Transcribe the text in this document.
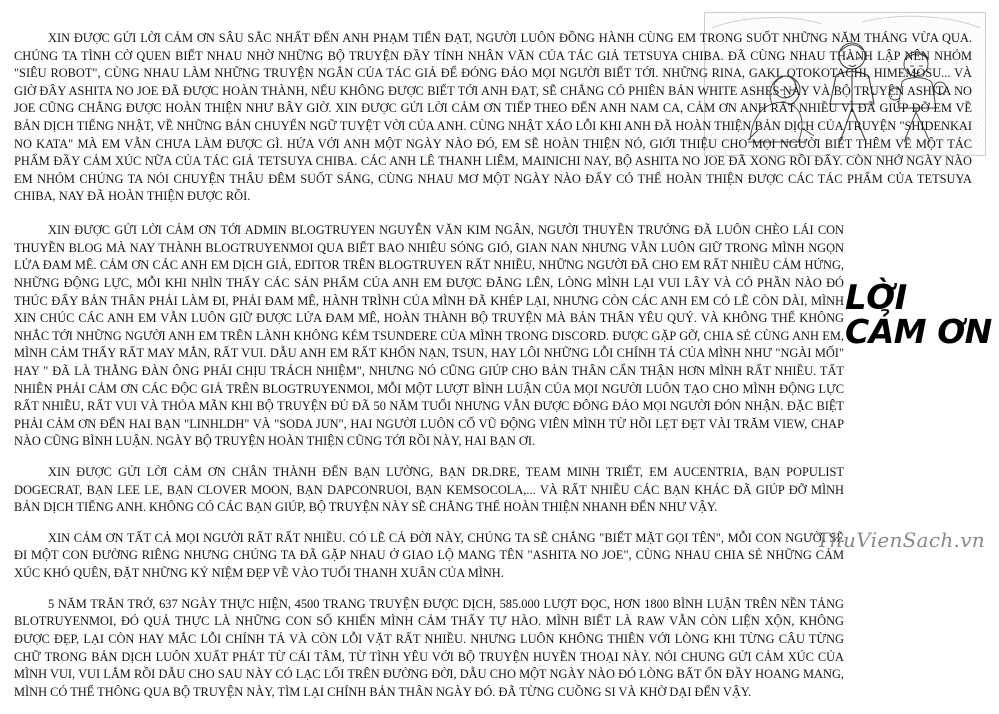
LỜI
CẢM ƠN

XIN ĐƯỢC GỬI LỜI CẢM ƠN SÂU SẮC NHẤT ĐẾN ANH PHẠM TIẾN ĐẠT, NGƯỜI LUÔN ĐỒNG HÀNH CÙNG EM TRONG SUỐT NHỮNG NĂM THÁNG VỪA QUA. CHÚNG TA TÌNH CỜ QUEN BIẾT NHAU NHỜ NHỮNG BỘ TRUYỆN ĐẦY TÍNH NHÂN VĂN CỦA TÁC GIẢ TETSUYA CHIBA. ĐÃ CÙNG NHAU THÀNH LẬP NÊN NHÓM "SIÊU ROBOT", CÙNG NHAU LÀM NHỮNG TRUYỆN NGẮN CỦA TÁC GIẢ ĐỂ ĐÓNG ĐẢO MỌI NGƯỜI BIẾT TỚI. NHỮNG RINA, GAKI, OTOKOTACHI, HIMEMOSU... VÀ GIỜ ĐÂY ASHITA NO JOE ĐÃ ĐƯỢC HOÀN THÀNH, NẾU KHÔNG ĐƯỢC BIẾT TỚI ANH ĐẠT, SẼ CHẲNG CÓ PHIÊN BẢN WHITE ASHES NÀY VÀ BỘ TRUYỆN ASHITA NO JOE CŨNG CHẲNG ĐƯỢC HOÀN THIỆN NHƯ BÂY GIỜ. XIN ĐƯỢC GỬI LỜI CẢM ƠN TIẾP THEO ĐẾN ANH NAM CA, CẢM ƠN ANH RẤT NHIỀU VÌ ĐÃ GIÚP ĐỠ EM VỀ BẢN DỊCH TIẾNG NHẬT, VỀ NHỮNG BẢN CHUYỂN NGỮ TUYỆT VỜI CỦA ANH. CÙNG NHẬT XÁO LỖI KHI ANH ĐÃ HOÀN THIỆN BẢN DỊCH CỦA TRUYỆN "SHIDENKAI NO KATA" MÀ EM VẪN CHƯA LÀM ĐƯỢC GÌ. HỨA VỚI ANH MỘT NGÀY NÀO ĐÓ, EM SẼ HOÀN THIỆN NÓ, GIỚI THIỆU CHO MỌI NGƯỜI BIẾT THÊM VỀ MỘT TÁC PHẨM ĐẦY CẢM XÚC NỮA CỦA TÁC GIẢ TETSUYA CHIBA. CÁC ANH LÊ THANH LIÊM, MAINICHI NAY, BỘ ASHITA NO JOE ĐÃ XONG RỒI ĐẤY. CÒN NHỚ NGÀY NÀO EM NHÓM CHÚNG TA NÓI CHUYỆN THÂU ĐÊM SUỐT SÁNG, CÙNG NHAU MƠ MỘT NGÀY NÀO ĐẤY CÓ THỂ HOÀN THIỆN ĐƯỢC CÁC TÁC PHẨM CỦA TETSUYA CHIBA, NAY ĐÃ HOÀN THIỆN ĐƯỢC RỒI.

XIN ĐƯỢC GỬI LỜI CẢM ƠN TỚI ADMIN BLOGTRUYEN NGUYỄN VĂN KIM NGÂN, NGƯỜI THUYỀN TRƯỞNG ĐÃ LUÔN CHÈO LÁI CON THUYỀN BLOG MÀ NAY THÀNH BLOGTRUYENMOI QUA BIẾT BAO NHIÊU SÓNG GIÓ, GIAN NAN NHƯNG VẪN LUÔN GIỮ TRONG MÌNH NGỌN LỬA ĐAM MÊ. CẢM ƠN CÁC ANH EM DỊCH GIẢ, EDITOR TRÊN BLOGTRUYEN RẤT NHIỀU, NHỮNG NGƯỜI ĐÃ CHO EM RẤT NHIỀU CẢM HỨNG, NHỮNG ĐỘNG LỰC, MỖI KHI NHÌN THẤY CÁC SẢN PHẨM CỦA ANH EM ĐƯỢC ĐĂNG LÊN, LÒNG MÌNH LẠI VUI LÂY VÀ CÓ PHẦN NÀO ĐÓ THÚC ĐẨY BẢN THÂN PHẢI LÀM ĐI, PHẢI ĐAM MÊ, HÀNH TRÌNH CỦA MÌNH ĐÃ KHÉP LẠI, NHƯNG CÒN CÁC ANH EM CÓ LẼ CÒN DÀI, MÌNH XIN CHÚC CÁC ANH EM VẪN LUÔN GIỮ ĐƯỢC LỬA ĐAM MÊ, HOÀN THÀNH BỘ TRUYỆN MÀ BẢN THÂN YÊU QUÝ. VÀ KHÔNG THỂ KHÔNG NHẮC TỚI NHỮNG NGƯỜI ANH EM TRÊN LÀNH KHÔNG KÉM TSUNDERE CỦA MÌNH TRONG DISCORD. ĐƯỢC GẶP GỠ, CHIA SẺ CÙNG ANH EM, MÌNH CẢM THẤY RẤT MAY MẮN, RẤT VUI. DẪU ANH EM RẤT KHỐN NẠN, TSUN, HAY LÔI NHỮNG LỖI CHÍNH TẢ CỦA MÌNH NHƯ "NGÀI MỐI" HAY " ĐÃ LÀ THẰNG ĐÀN ÔNG PHẢI CHỊU TRÁCH NHIỆM", NHƯNG NÓ CŨNG GIÚP CHO BẢN THÂN CẨN THẬN HƠN MÌNH RẤT NHIỀU. TẤT NHIÊN PHẢI CẢM ƠN CÁC ĐỘC GIẢ TRÊN BLOGTRUYENMOI, MỖI MỘT LƯỢT BÌNH LUẬN CỦA MỌI NGƯỜI LUÔN TẠO CHO MÌNH ĐỘNG LỰC RẤT NHIỀU, RẤT VUI VÀ THỎA MÃN KHI BỘ TRUYỆN ĐỦ ĐÃ 50 NĂM TUỔI NHƯNG VẪN ĐƯỢC ĐÔNG ĐẢO MỌI NGƯỜI ĐÓN NHẬN. ĐẶC BIỆT PHẢI CẢM ƠN ĐẾN HAI BẠN "LINHLDH" VÀ "SODA JUN", HAI NGƯỜI LUÔN CỔ VŨ ĐỘNG VIÊN MÌNH TỪ HỒI LẸT ĐẸT VÀI TRĂM VIEW, CHAP NÀO CŨNG BÌNH LUẬN. NGÀY BỘ TRUYỆN HOÀN THIỆN CŨNG TỚI RỒI NÀY, HAI BẠN ƠI.

XIN ĐƯỢC GỬI LỜI CẢM ƠN CHÂN THÀNH ĐẾN BẠN LƯỜNG, BẠN DR.DRE, TEAM MINH TRIẾT, EM AUCENTRIA, BẠN POPULIST DOGECRAT, BẠN LEE LE, BẠN CLOVER MOON, BẠN DAPCONRUOI, BẠN KEMSOCOLA,... VÀ RẤT NHIỀU CÁC BẠN KHÁC ĐÃ GIÚP ĐỠ MÌNH BẢN DỊCH TIẾNG ANH. KHÔNG CÓ CÁC BẠN GIÚP, BỘ TRUYỆN NÀY SẼ CHẲNG THỂ HOÀN THIỆN NHANH ĐẾN NHƯ VẬY.

XIN CẢM ƠN TẤT CẢ MỌI NGƯỜI RẤT RẤT NHIỀU. CÓ LẼ CẢ ĐỜI NÀY, CHÚNG TA SẼ CHẲNG "BIẾT MẶT GỌI TÊN", MỖI CON NGƯỜI SẼ ĐI MỘT CON ĐƯỜNG RIÊNG NHƯNG CHÚNG TA ĐÃ GẶP NHAU Ở GIAO LỘ MANG TÊN "ASHITA NO JOE", CÙNG NHAU CHIA SẺ NHỮNG CẢM XÚC KHÓ QUÊN, ĐẶT NHỮNG KỶ NIỆM ĐẸP VỀ VÀO TUỔI THANH XUÂN CỦA MÌNH.

5 NĂM TRĂN TRỞ, 637 NGÀY THỰC HIỆN, 4500 TRANG TRUYỆN ĐƯỢC DỊCH, 585.000 LƯỢT ĐỌC, HƠN 1800 BÌNH LUẬN TRÊN NỀN TẢNG BLOTRUYENMOI, ĐÓ QUẢ THỰC LÀ NHỮNG CON SỐ KHIẾN MÌNH CẢM THẤY TỰ HÀO. MÌNH BIẾT LÀ RAW VẪN CÒN LIỆN XỘN, KHÔNG ĐƯỢC ĐẸP, LẠI CÒN HAY MẮC LỖI CHÍNH TẢ VÀ CÒN LỖI VẶT RẤT NHIỀU. NHƯNG LUÔN KHÔNG THIÊN VỚI LÒNG KHI TỪNG CÂU TỪNG CHỮ TRONG BẢN DỊCH LUÔN XUẤT PHÁT TỪ CÁI TÂM, TỪ TÌNH YÊU VỚI BỘ TRUYỆN HUYỀN THOẠI NÀY. NÓI CHUNG GỬI CẢM XÚC CỦA MÌNH VUI, VUI LẮM RỒI DẪU CHO SAU NÀY CÓ LẠC LỐI TRÊN ĐƯỜNG ĐỜI, DẪU CHO MỘT NGÀY NÀO ĐÓ LÒNG BẤT ỔN ĐẦY HOANG MANG, MÌNH CÓ THỂ THÔNG QUA BỘ TRUYỆN NÀY, TÌM LẠI CHÍNH BẢN THÂN NGÀY ĐÓ. ĐÃ TỪNG CUỒNG SI VÀ KHỜ DẠI ĐẾN VẬY.

ThuVienSach.vn
